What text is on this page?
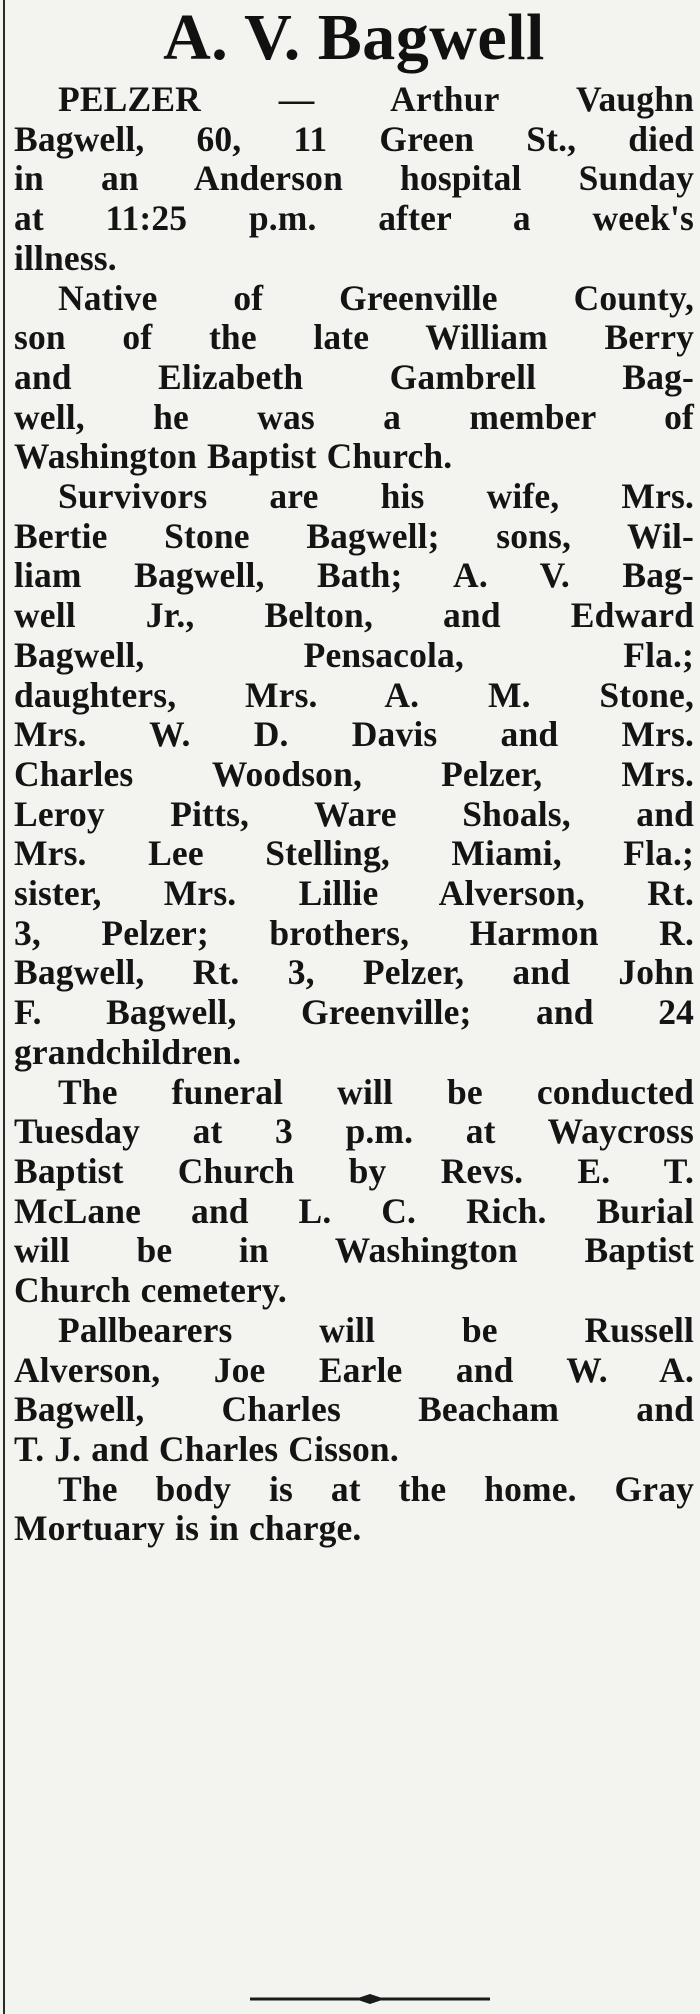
A. V. Bagwell

PELZER — Arthur Vaughn
Bagwell, 60, 11 Green St., died
in an Anderson hospital Sunday
at 11:25 p.m. after a week's
illness.

Native of Greenville County,
son of the late William Berry
and Elizabeth Gambrell Bag-
well, he was a member of
Washington Baptist Church.

Survivors are his wife, Mrs.
Bertie Stone Bagwell; sons, Wil-
liam Bagwell, Bath; A. V. Bag-
well Jr., Belton, and Edward
Bagwell, Pensacola, Fla.;
daughters, Mrs. A. M. Stone,
Mrs. W. D. Davis and Mrs.
Charles Woodson, Pelzer, Mrs.
Leroy Pitts, Ware Shoals, and
Mrs. Lee Stelling, Miami, Fla.;
sister, Mrs. Lillie Alverson, Rt.
3, Pelzer; brothers, Harmon R.
Bagwell, Rt. 3, Pelzer, and John
F. Bagwell, Greenville; and 24
grandchildren.

The funeral will be conducted
Tuesday at 3 p.m. at Waycross
Baptist Church by Revs. E. T.
McLane and L. C. Rich. Burial
will be in Washington Baptist
Church cemetery.

Pallbearers will be Russell
Alverson, Joe Earle and W. A.
Bagwell, Charles Beacham and
T. J. and Charles Cisson.

The body is at the home. Gray
Mortuary is in charge.
